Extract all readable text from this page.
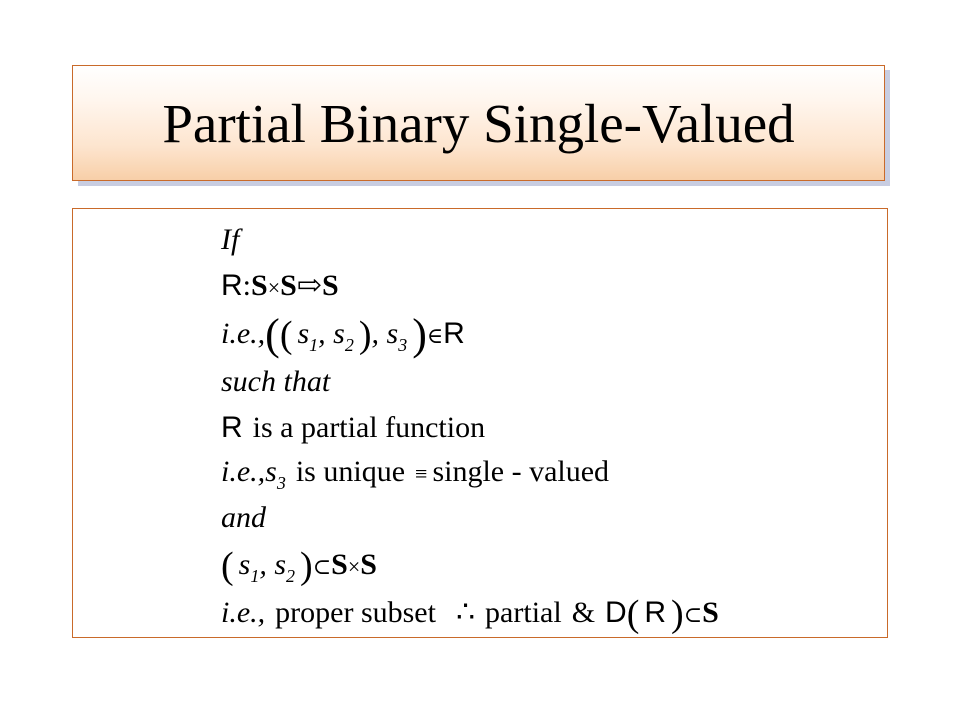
Partial Binary Single-Valued
If
R:S×S⇨S
i.e.,(( $s_1$, $s_2$ ), $s_3$ )∈R
such that
R is a partial function
$i.e.,s_3$ is unique ≡ single - valued
and
( $s_1$, $s_2$ )⊂S×S
i.e., proper subset ∴ partial & D( R )⊂S
